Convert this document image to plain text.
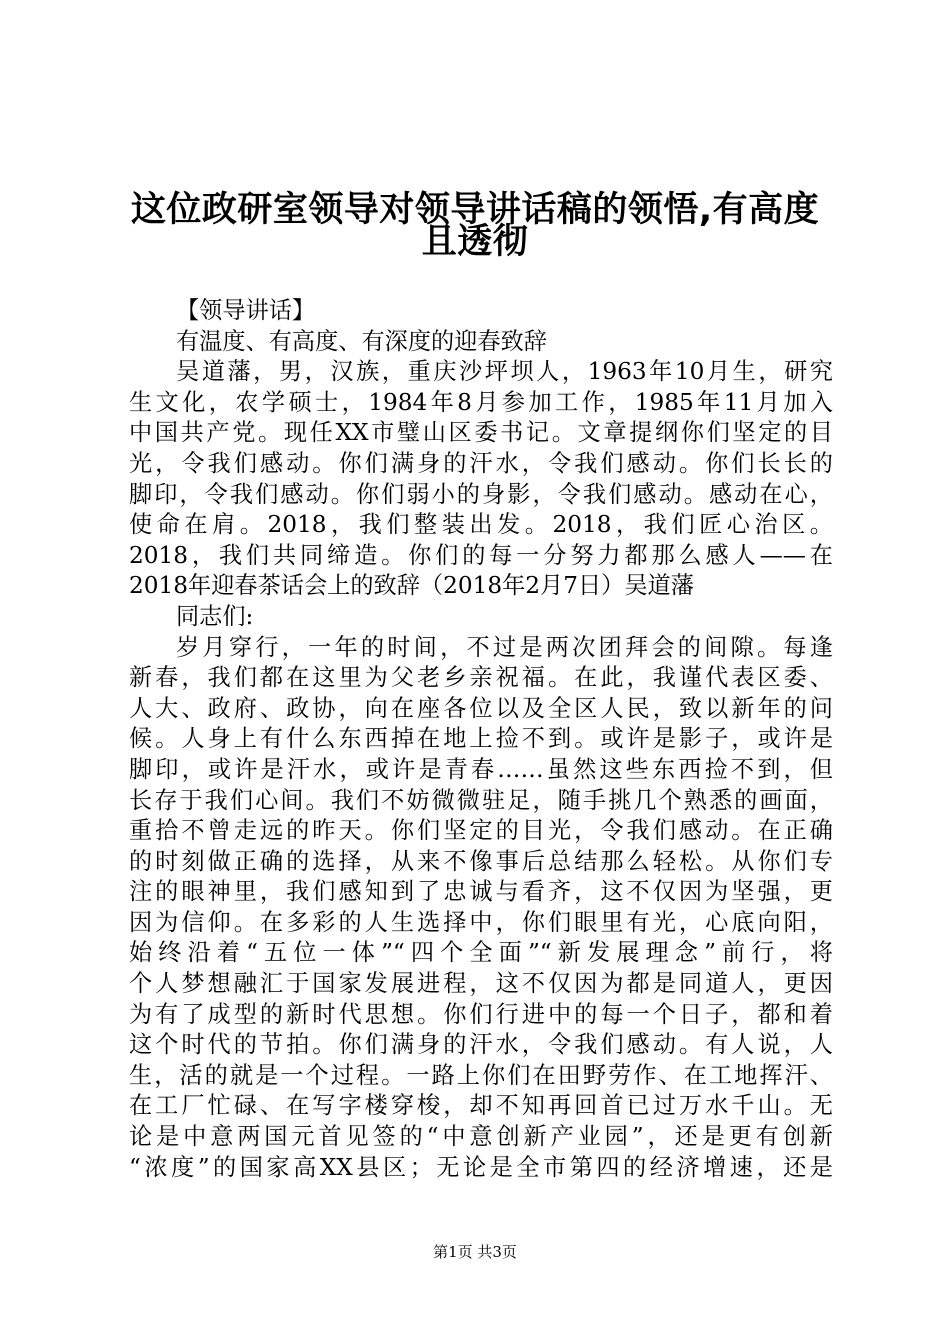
这位政研室领导对领导讲话稿的领悟,有高度
且透彻
【领导讲话】
有温度、有高度、有深度的迎春致辞
吴道藩，男，汉族，重庆沙坪坝人，1963年10月生，研究
生文化，农学硕士，1984年8月参加工作，1985年11月加入
中国共产党。现任XX市璧山区委书记。文章提纲你们坚定的目
光，令我们感动。你们满身的汗水，令我们感动。你们长长的
脚印，令我们感动。你们弱小的身影，令我们感动。感动在心，
使命在肩。2018，我们整装出发。2018，我们匠心治区。
2018，我们共同缔造。你们的每一分努力都那么感人——在
2018年迎春茶话会上的致辞（2018年2月7日）吴道藩
同志们:
岁月穿行，一年的时间，不过是两次团拜会的间隙。每逢
新春，我们都在这里为父老乡亲祝福。在此，我谨代表区委、
人大、政府、政协，向在座各位以及全区人民，致以新年的问
候。人身上有什么东西掉在地上捡不到。或许是影子，或许是
脚印，或许是汗水，或许是青春……虽然这些东西捡不到，但
长存于我们心间。我们不妨微微驻足，随手挑几个熟悉的画面，
重拾不曾走远的昨天。你们坚定的目光，令我们感动。在正确
的时刻做正确的选择，从来不像事后总结那么轻松。从你们专
注的眼神里，我们感知到了忠诚与看齐，这不仅因为坚强，更
因为信仰。在多彩的人生选择中，你们眼里有光，心底向阳，
始终沿着“五位一体”“四个全面”“新发展理念”前行，将
个人梦想融汇于国家发展进程，这不仅因为都是同道人，更因
为有了成型的新时代思想。你们行进中的每一个日子，都和着
这个时代的节拍。你们满身的汗水，令我们感动。有人说，人
生，活的就是一个过程。一路上你们在田野劳作、在工地挥汗、
在工厂忙碌、在写字楼穿梭，却不知再回首已过万水千山。无
论是中意两国元首见签的“中意创新产业园”，还是更有创新
“浓度”的国家高XX县区；无论是全市第四的经济增速，还是
第1页 共3页
